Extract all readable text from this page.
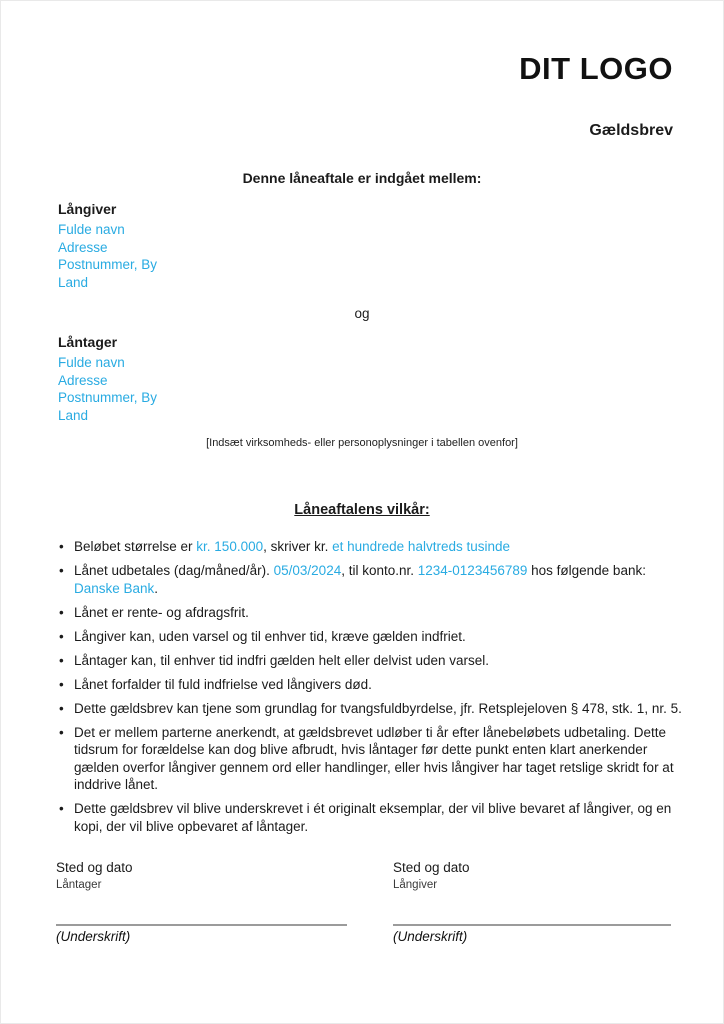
DIT LOGO
Gældsbrev
Denne låneaftale er indgået mellem:
Långiver
Fulde navn
Adresse
Postnummer, By
Land
og
Låntager
Fulde navn
Adresse
Postnummer, By
Land
[Indsæt virksomheds- eller personoplysninger i tabellen ovenfor]
Låneaftalens vilkår:
• Beløbet størrelse er kr. 150.000, skriver kr. et hundrede halvtreds tusinde
• Lånet udbetales (dag/måned/år). 05/03/2024, til konto.nr. 1234-0123456789 hos følgende bank: Danske Bank.
• Lånet er rente- og afdragsfrit.
• Långiver kan, uden varsel og til enhver tid, kræve gælden indfriet.
• Låntager kan, til enhver tid indfri gælden helt eller delvist uden varsel.
• Lånet forfalder til fuld indfrielse ved långivers død.
• Dette gældsbrev kan tjene som grundlag for tvangsfuldbyrdelse, jfr. Retsplejeloven § 478, stk. 1, nr. 5.
• Det er mellem parterne anerkendt, at gældsbrevet udløber ti år efter lånebeløbets udbetaling. Dette tidsrum for forældelse kan dog blive afbrudt, hvis låntager før dette punkt enten klart anerkender gælden overfor långiver gennem ord eller handlinger, eller hvis långiver har taget retslige skridt for at inddrive lånet.
• Dette gældsbrev vil blive underskrevet i ét originalt eksemplar, der vil blive bevaret af långiver, og en kopi, der vil blive opbevaret af låntager.
Sted og dato
Låntager
(Underskrift)
Sted og dato
Långiver
(Underskrift)
